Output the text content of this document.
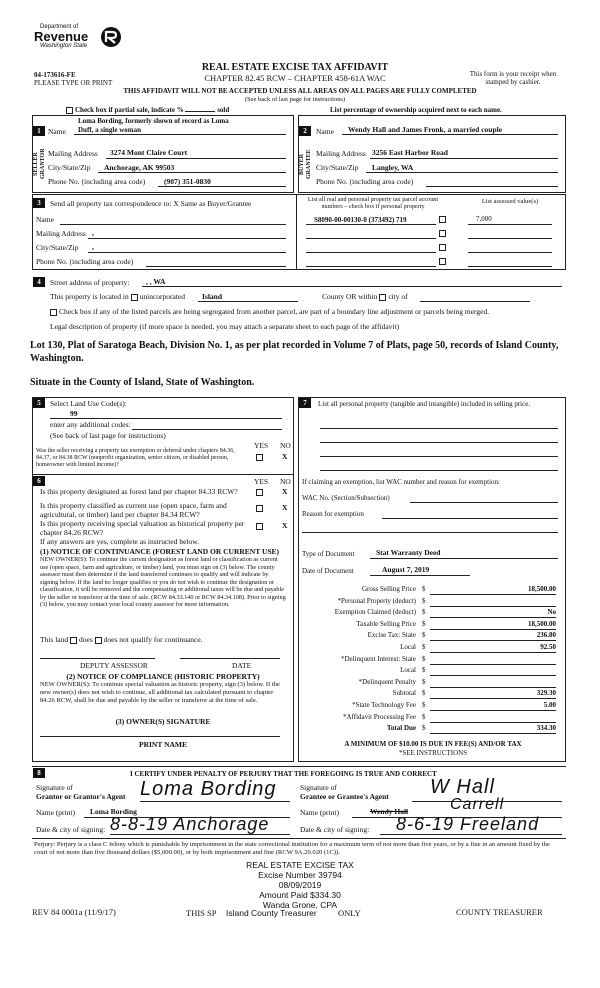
Department of
Revenue
Washington State
04-173616-FE
PLEASE TYPE OR PRINT
REAL ESTATE EXCISE TAX AFFIDAVIT
CHAPTER 82.45 RCW – CHAPTER 458-61A WAC	This form is your receipt when stamped by cashier.
THIS AFFIDAVIT WILL NOT BE ACCEPTED UNLESS ALL AREAS ON ALL PAGES ARE FULLY COMPLETED
(See back of last page for instructions)
Check box if partial sale, indicate %	sold	List percentage of ownership acquired next to each name.
1 Name
Loma Bording, formerly shown of record as Loma
Duff, a single woman
SELLER GRANTOR Mailing Address 3274 Mont Claire Court
City/State/Zip Anchorage, AK 99503
Phone No. (including area code) (907) 351-0830
2	Name Wendy Hall and James Fronk, a married couple
BUYER GRANTEE Mailing Address 3256 East Harbor Road
City/State/Zip Langley, WA
Phone No. (including area code)
3	Send all property tax correspondence to: X Same as Buyer/Grantee
Name
Mailing Address ,
City/State/Zip ,
Phone No. (including area code)
List all real and personal property tax parcel account numbers – check box if personal property
List assessed value(s)
S8090-00-00130-0 (373492) 719	7,000
4	Street address of property: , , WA
This property is located in unincorporated Island	County OR within city of
Check box if any of the listed parcels are being segregated from another parcel, are part of a boundary line adjustment or parcels being merged.
Legal description of property (if more space is needed, you may attach a separate sheet to each page of the affidavit)
Lot 130, Plat of Saratoga Beach, Division No. 1, as per plat recorded in Volume 7 of Plats, page 50, records of Island County, Washington.
Situate in the County of Island, State of Washington.
5	Select Land Use Code(s):
99
enter any additional codes:
(See back of last page for instructions)
YES NO
Was the seller receiving a property tax exemption or deferral under chapters 84.36, 84.37, or 84.38 RCW (nonprofit organization, senior citizen, or disabled person, homeowner with limited income)?
X
6	YES NO
Is this property designated as forest land per chapter 84.33 RCW?	X
Is this property classified as current use (open space, farm and agricultural, or timber) land per chapter 84.34 RCW?
X
Is this property receiving special valuation as historical property per chapter 84.26 RCW?
X
If any answers are yes, complete as instructed below.
(1) NOTICE OF CONTINUANCE (FOREST LAND OR CURRENT USE)
NEW OWNER(S): To continue the current designation as forest land or classification as current use (open space, farm and agriculture, or timber) land, you must sign on (3) below. The county assessor must then determine if the land transferred continues to qualify and will indicate by signing below. If the land no longer qualifies or you do not wish to continue the designation or classification, it will be removed and the compensating or additional taxes will be due and payable by the seller or transferor at the time of sale. (RCW 84.33.140 or RCW 84.34.108). Prior to signing (3) below, you may contact your local county assessor for more information.
This land does does not qualify for continuance.
DEPUTY ASSESSOR	DATE
(2) NOTICE OF COMPLIANCE (HISTORIC PROPERTY)
NEW OWNER(S): To continue special valuation as historic property, sign (3) below. If the new owner(s) does not wish to continue, all additional tax calculated pursuant to chapter 84.26 RCW, shall be due and payable by the seller or transferor at the time of sale.
(3) OWNER(S) SIGNATURE
PRINT NAME
7	List all personal property (tangible and intangible) included in selling price.
If claiming an exemption, list WAC number and reason for exemption:
WAC No. (Section/Subsection)
Reason for exemption
Type of Document	Stat Warranty Deed
Date of Document	August 7, 2019
Gross Selling Price $	18,500.00
*Personal Property (deduct) $
Exemption Claimed (deduct) $	No
Taxable Selling Price $	18,500.00
Excise Tax: State $	236.80
Local $	92.50
*Delinquent Interest: State $
Local $
*Delinquent Penalty $
Subtotal $	329.30
*State Technology Fee $	5.00
*Affidavit Processing Fee $
Total Due $	334.30
A MINIMUM OF $10.00 IS DUE IN FEE(S) AND/OR TAX
*SEE INSTRUCTIONS
8	I CERTIFY UNDER PENALTY OF PERJURY THAT THE FOREGOING IS TRUE AND CORRECT
Signature of
Grantor or Grantor's Agent Loma Bording
Name (print) Loma Bording
Date & city of signing: 8-8-19 Anchorage
Signature of
Grantee or Grantee's Agent W Hall
Name (print)	Wendy Hall	Carrell
Date & city of signing: 8-6-19 Freeland
Perjury: Perjury is a class C felony which is punishable by imprisonment in the state correctional institution for a maximum term of not more than five years, or by a fine in an amount fixed by the court of not more than five thousand dollars ($5,000.00), or by both imprisonment and fine (RCW 9A.20.020 (1C)).
REAL ESTATE EXCISE TAX
Excise Number 39794
08/09/2019
Amount Paid $334.30
Wanda Grone, CPA
REV 84 0001a (11/9/17)	THIS SP Island County Treasurer	ONLY	COUNTY TREASURER
